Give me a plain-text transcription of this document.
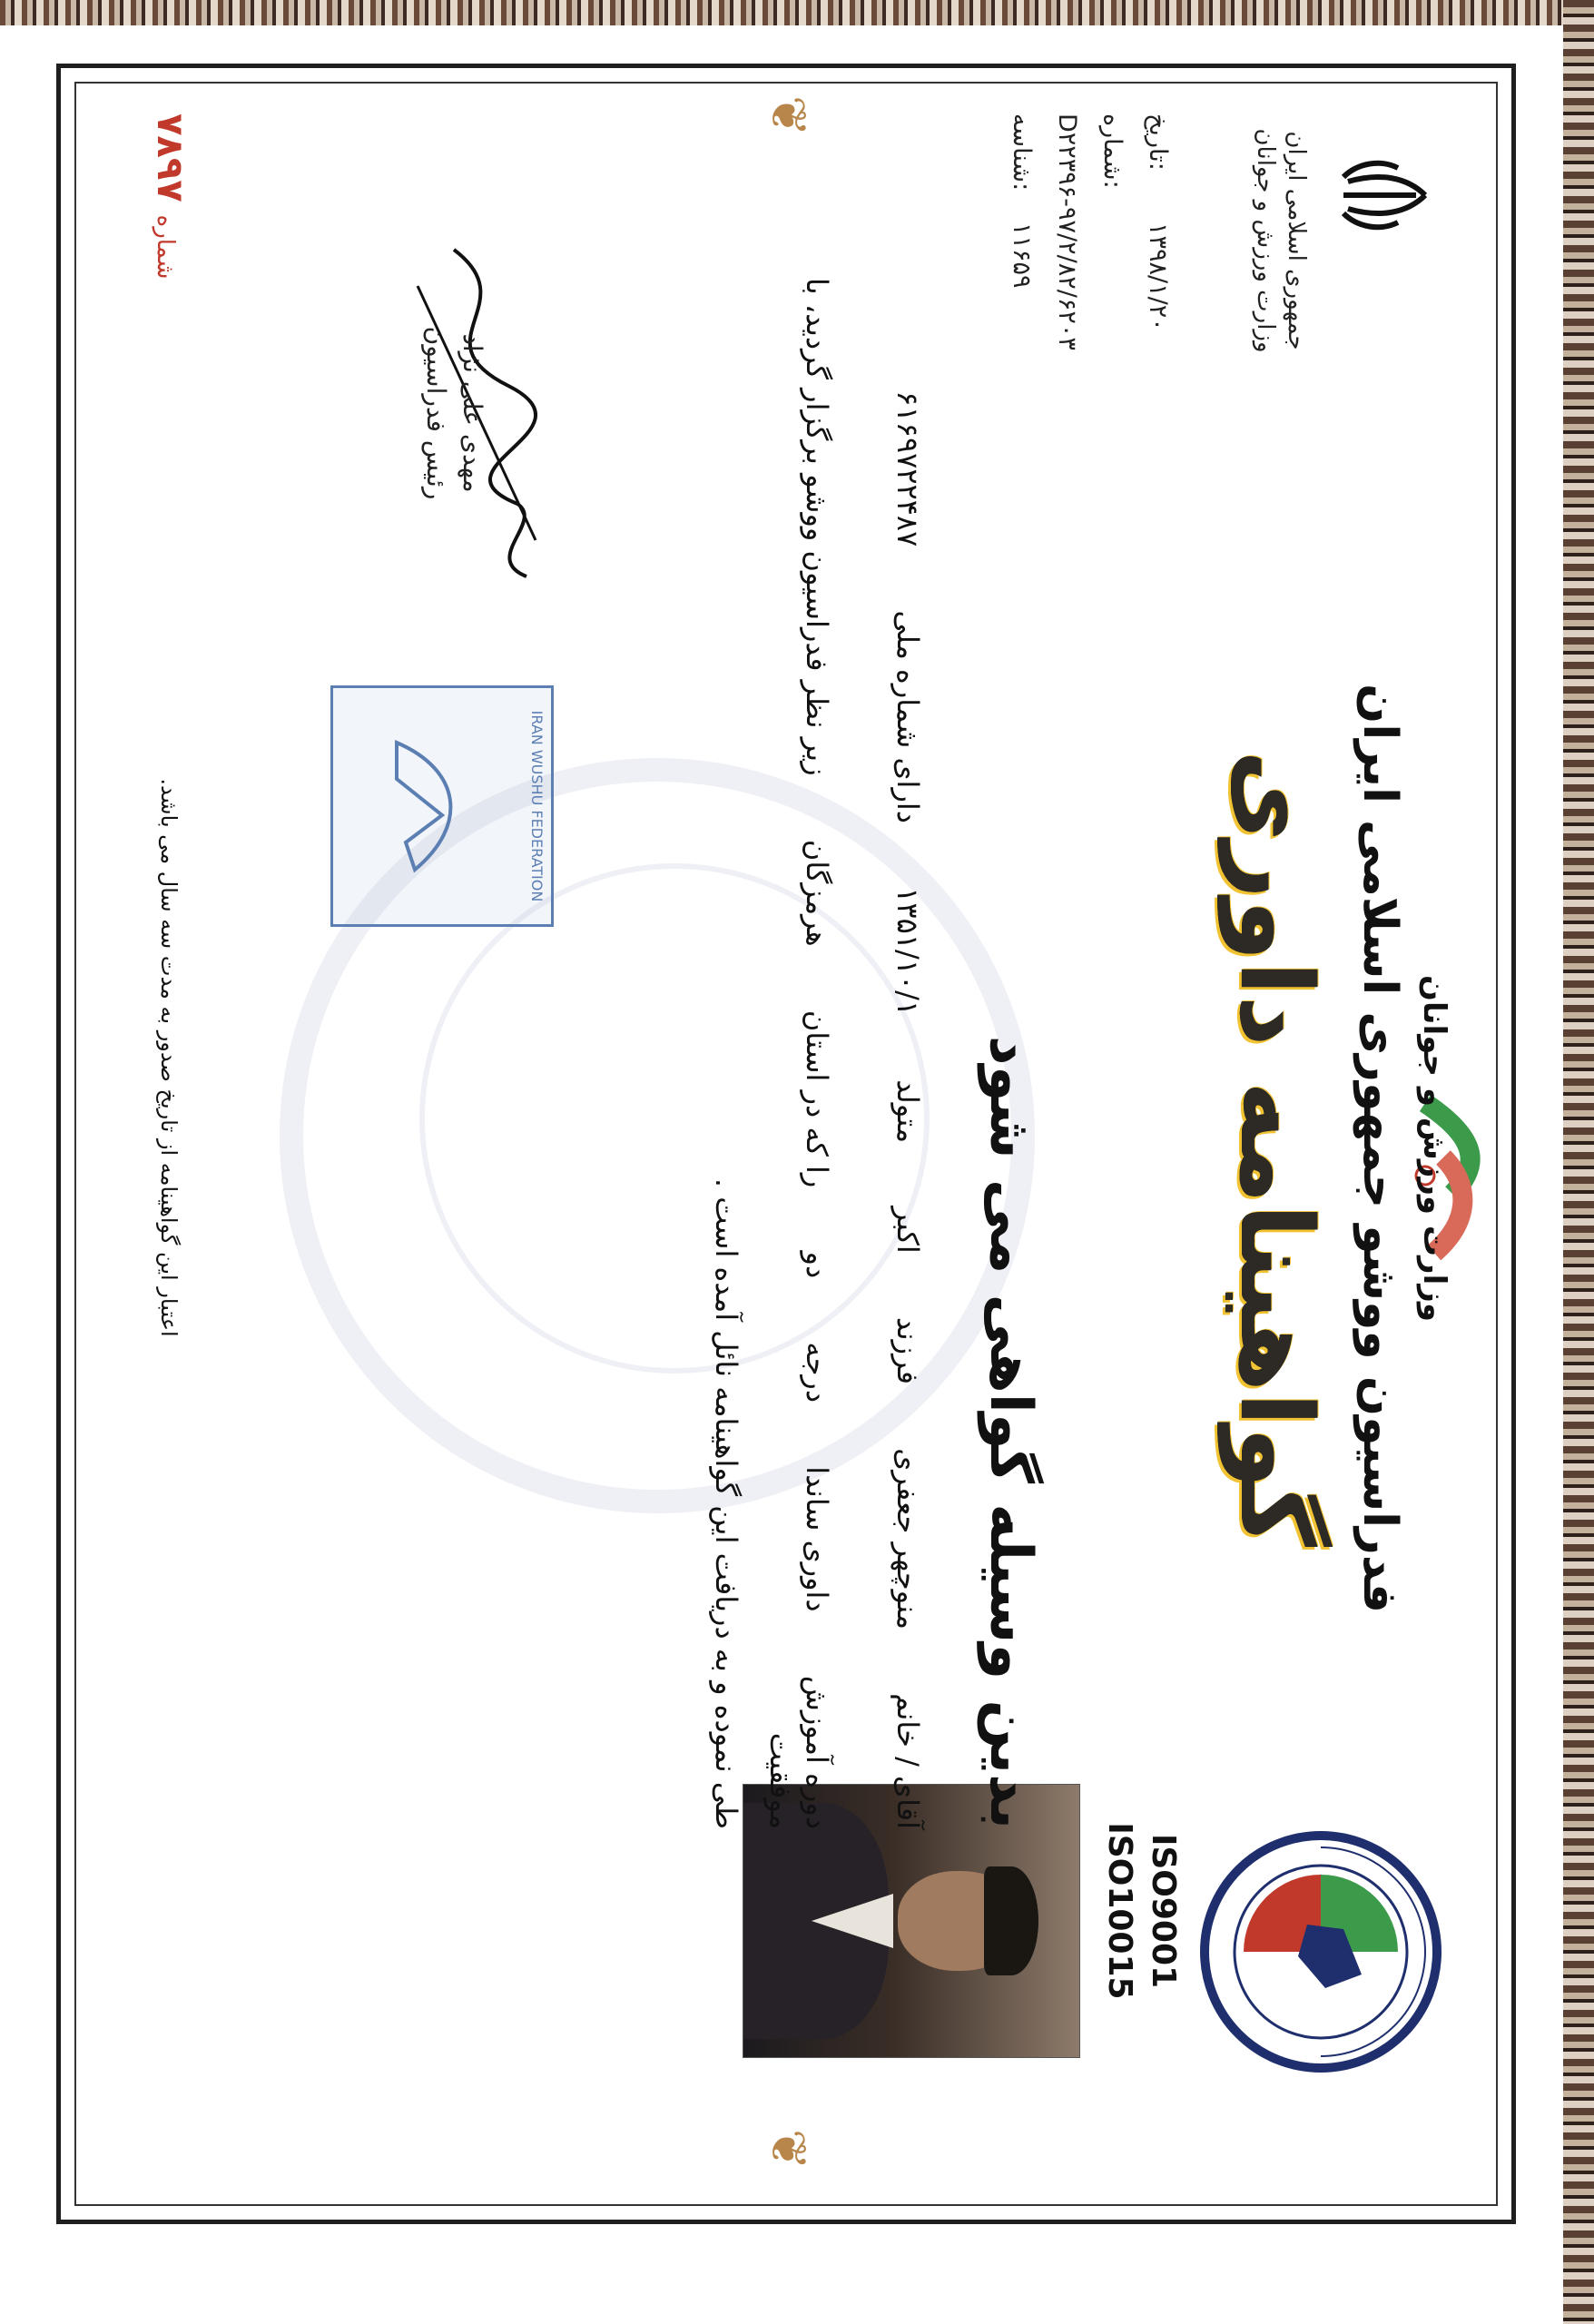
❦
❦
جمهوری اسلامی ایران وزارت ورزش و جوانان
تاریخ:۱۳۹۸/۱/۲۰
شماره:D۲۲۳۹۶-۹۷/۲/۸۲/۶۲۰۳
شناسه:۱۱۶۵۹
وزارت ورزش و جوانان
فدراسیون ووشو جمهوری اسلامی ایران
گواهینامه داوری
ISO9001
ISO10015
بدین وسیله گواهی می شود
آقای / خانم منوچهر جعفری فرزند اکبر متولد ۱۳۵۱/۱۰/۱ دارای شماره ملی ۶۱۶۹۷۲۲۴۸۷
دوره آموزش داوری ساندا درجه دو را که در استان هرمزگان زیر نظر فدراسیون ووشو برگزار گردید، با موفقیت
طی نموده و به دریافت این گواهینامه نائل آمده است .
مهدی علی نژاد
رئیس فدراسیون
IRAN WUSHU FEDERATION
اعتبار این گواهینامه از تاریخ صدور به مدت سه سال می باشد.
شماره ۷۸۹۷
